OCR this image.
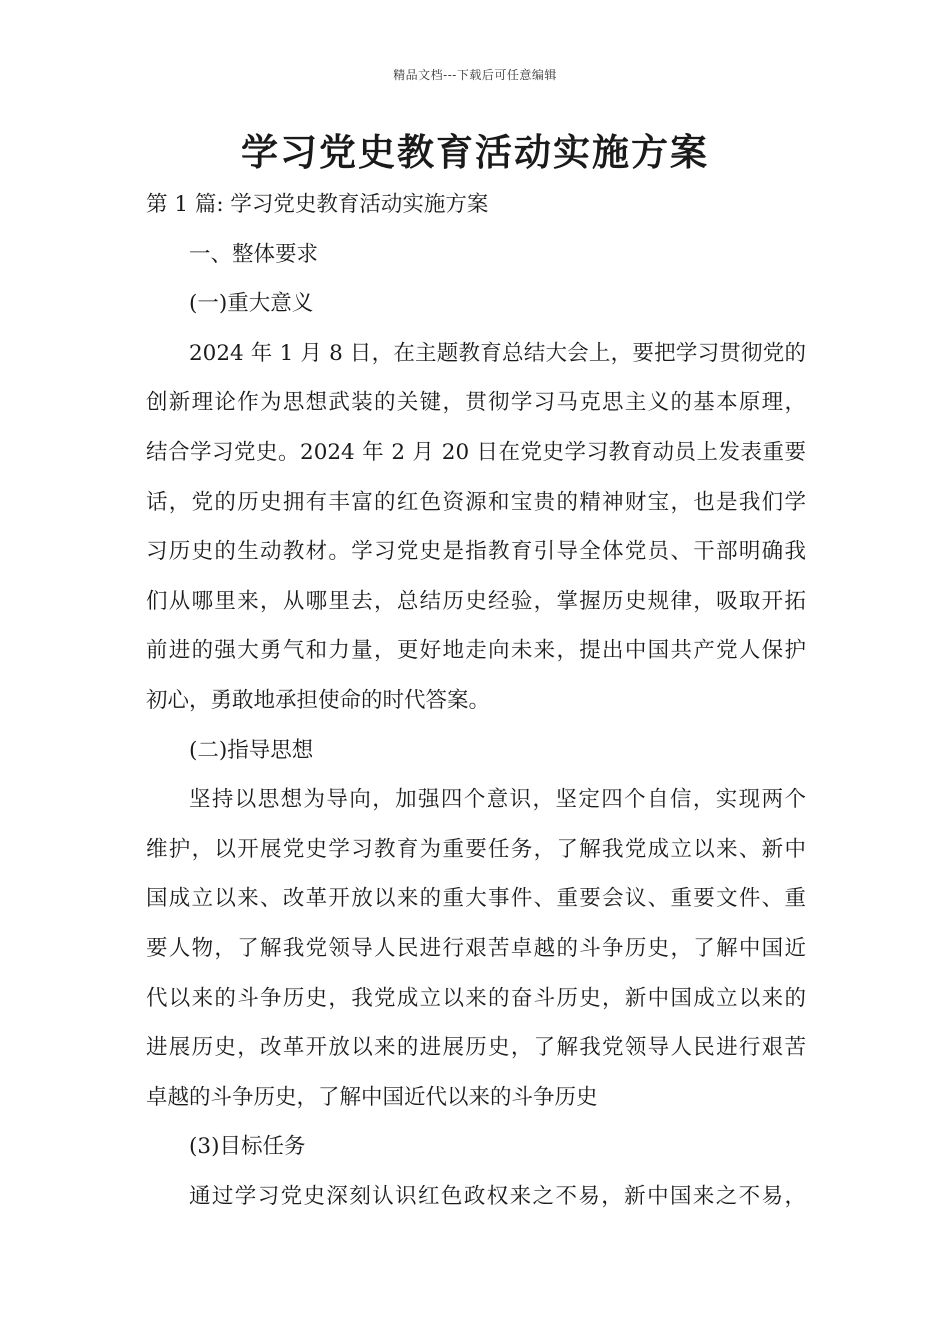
精品文档---下载后可任意编辑
学习党史教育活动实施方案
第 1 篇: 学习党史教育活动实施方案
一、整体要求
(一)重大意义
2024 年 1 月 8 日，在主题教育总结大会上，要把学习贯彻党的
创新理论作为思想武装的关键，贯彻学习马克思主义的基本原理，
结合学习党史。2024 年 2 月 20 日在党史学习教育动员上发表重要
话，党的历史拥有丰富的红色资源和宝贵的精神财宝，也是我们学
习历史的生动教材。学习党史是指教育引导全体党员、干部明确我
们从哪里来，从哪里去，总结历史经验，掌握历史规律，吸取开拓
前进的强大勇气和力量，更好地走向未来，提出中国共产党人保护
初心，勇敢地承担使命的时代答案。
(二)指导思想
坚持以思想为导向，加强四个意识，坚定四个自信，实现两个
维护，以开展党史学习教育为重要任务，了解我党成立以来、新中
国成立以来、改革开放以来的重大事件、重要会议、重要文件、重
要人物，了解我党领导人民进行艰苦卓越的斗争历史，了解中国近
代以来的斗争历史，我党成立以来的奋斗历史，新中国成立以来的
进展历史，改革开放以来的进展历史，了解我党领导人民进行艰苦
卓越的斗争历史，了解中国近代以来的斗争历史
(3)目标任务
通过学习党史深刻认识红色政权来之不易，新中国来之不易，
